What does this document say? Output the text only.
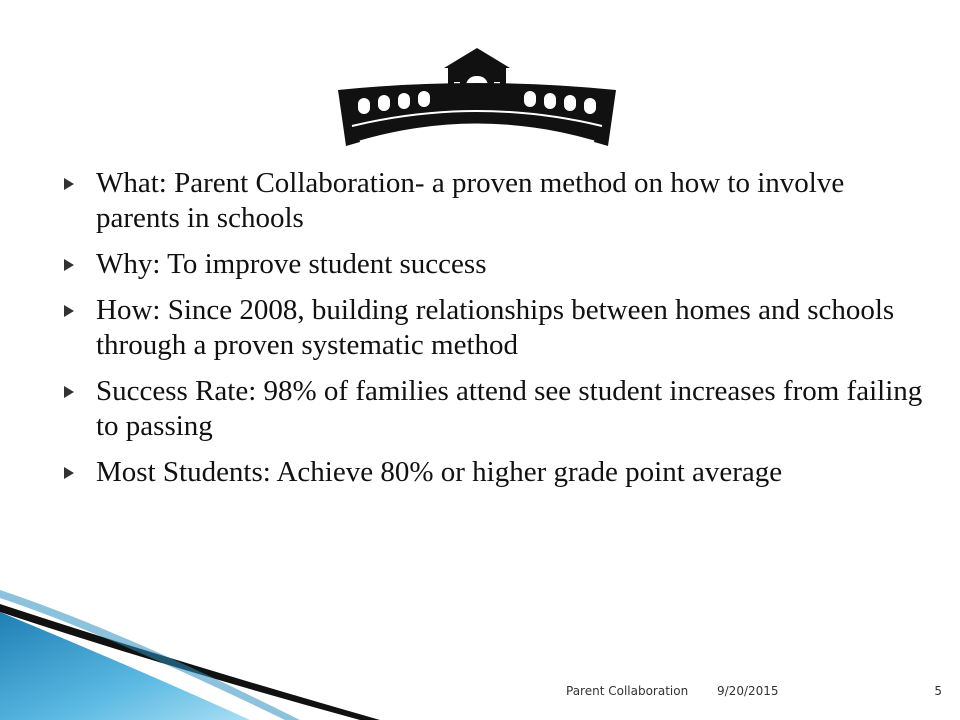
What: Parent Collaboration- a proven method on how to involve parents in schools
Why: To improve student success
How: Since 2008, building relationships between homes and schools through a proven systematic method
Success Rate: 98% of families attend see student increases from failing to passing
Most Students: Achieve 80% or higher grade point average
Parent Collaboration 9/20/2015	5
